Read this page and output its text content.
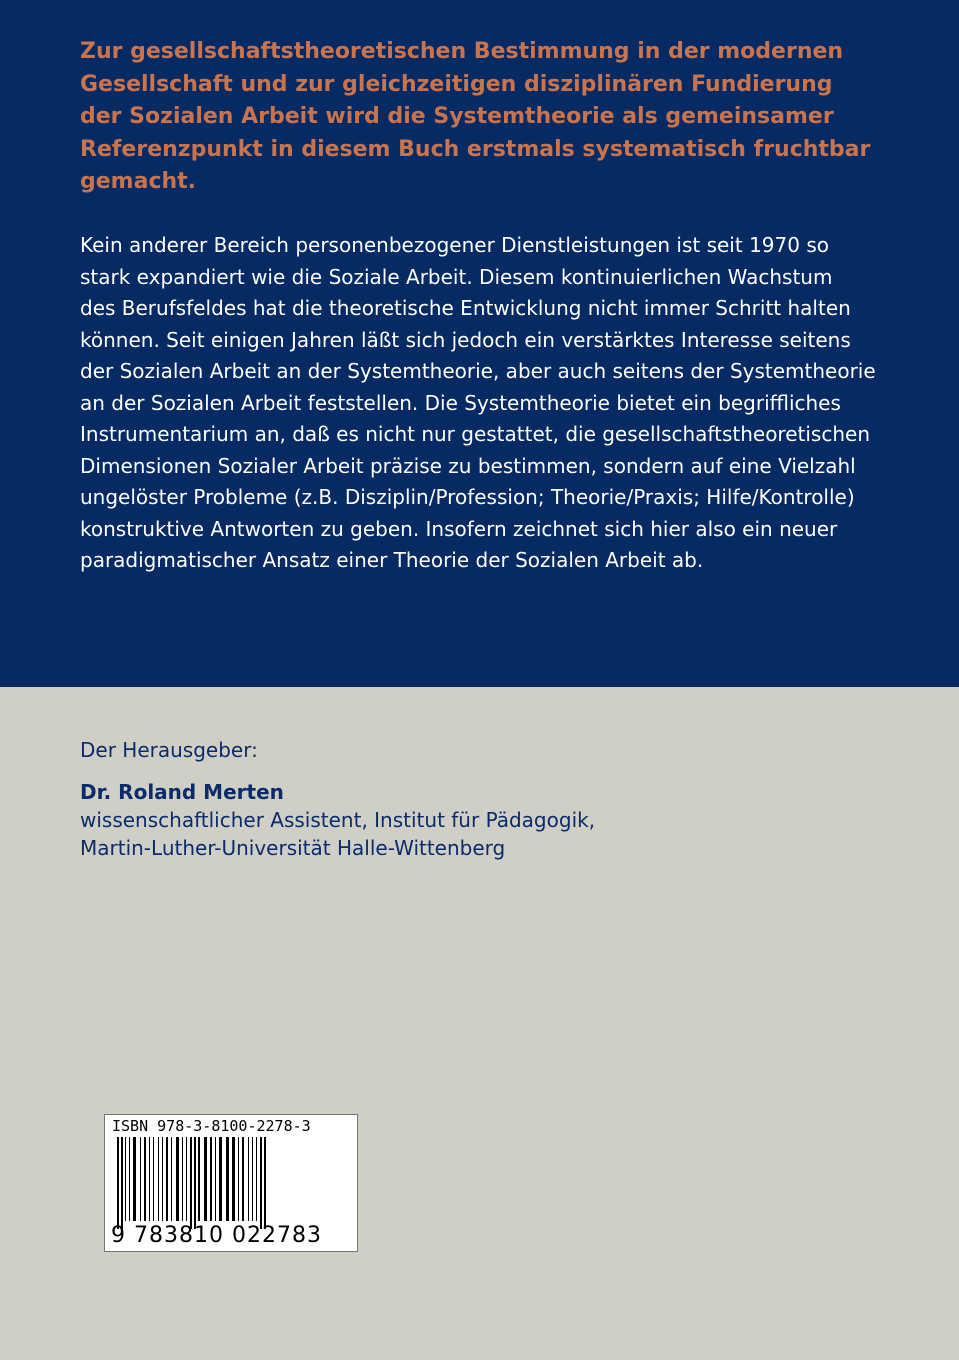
Zur gesellschaftstheoretischen Bestimmung in der modernen
Gesellschaft und zur gleichzeitigen disziplinären Fundierung
der Sozialen Arbeit wird die Systemtheorie als gemeinsamer
Referenzpunkt in diesem Buch erstmals systematisch fruchtbar
gemacht.

Kein anderer Bereich personenbezogener Dienstleistungen ist seit 1970 so
stark expandiert wie die Soziale Arbeit. Diesem kontinuierlichen Wachstum
des Berufsfeldes hat die theoretische Entwicklung nicht immer Schritt halten
können. Seit einigen Jahren läßt sich jedoch ein verstärktes Interesse seitens
der Sozialen Arbeit an der Systemtheorie, aber auch seitens der Systemtheorie
an der Sozialen Arbeit feststellen. Die Systemtheorie bietet ein begriffliches
Instrumentarium an, daß es nicht nur gestattet, die gesellschaftstheoretischen
Dimensionen Sozialer Arbeit präzise zu bestimmen, sondern auf eine Vielzahl
ungelöster Probleme (z.B. Disziplin/Profession; Theorie/Praxis; Hilfe/Kontrolle)
konstruktive Antworten zu geben. Insofern zeichnet sich hier also ein neuer
paradigmatischer Ansatz einer Theorie der Sozialen Arbeit ab.

Der Herausgeber:

Dr. Roland Merten

wissenschaftlicher Assistent, Institut für Pädagogik,

Martin-Luther-Universität Halle-Wittenberg

ISBN 978-3-8100-2278-3

9 783810 022783
